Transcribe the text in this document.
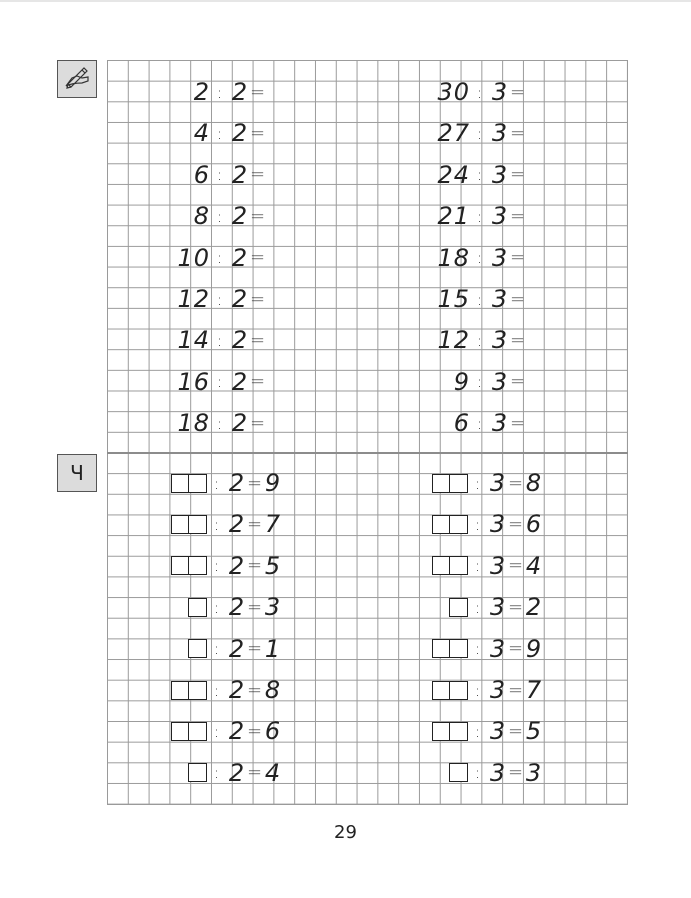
Ч
2 : 2 =
4 : 2 =
6 : 2 =
8 : 2 =
10 : 2 =
12 : 2 =
14 : 2 =
16 : 2 =
18 : 2 =
30 : 3 =
27 : 3 =
24 : 3 =
21 : 3 =
18 : 3 =
15 : 3 =
12 : 3 =
9 : 3 =
6 : 3 =
: 2 = 9
: 2 = 7
: 2 = 5
: 2 = 3
: 2 = 1
: 2 = 8
: 2 = 6
: 2 = 4
: 3 = 8
: 3 = 6
: 3 = 4
: 3 = 2
: 3 = 9
: 3 = 7
: 3 = 5
: 3 = 3
29
